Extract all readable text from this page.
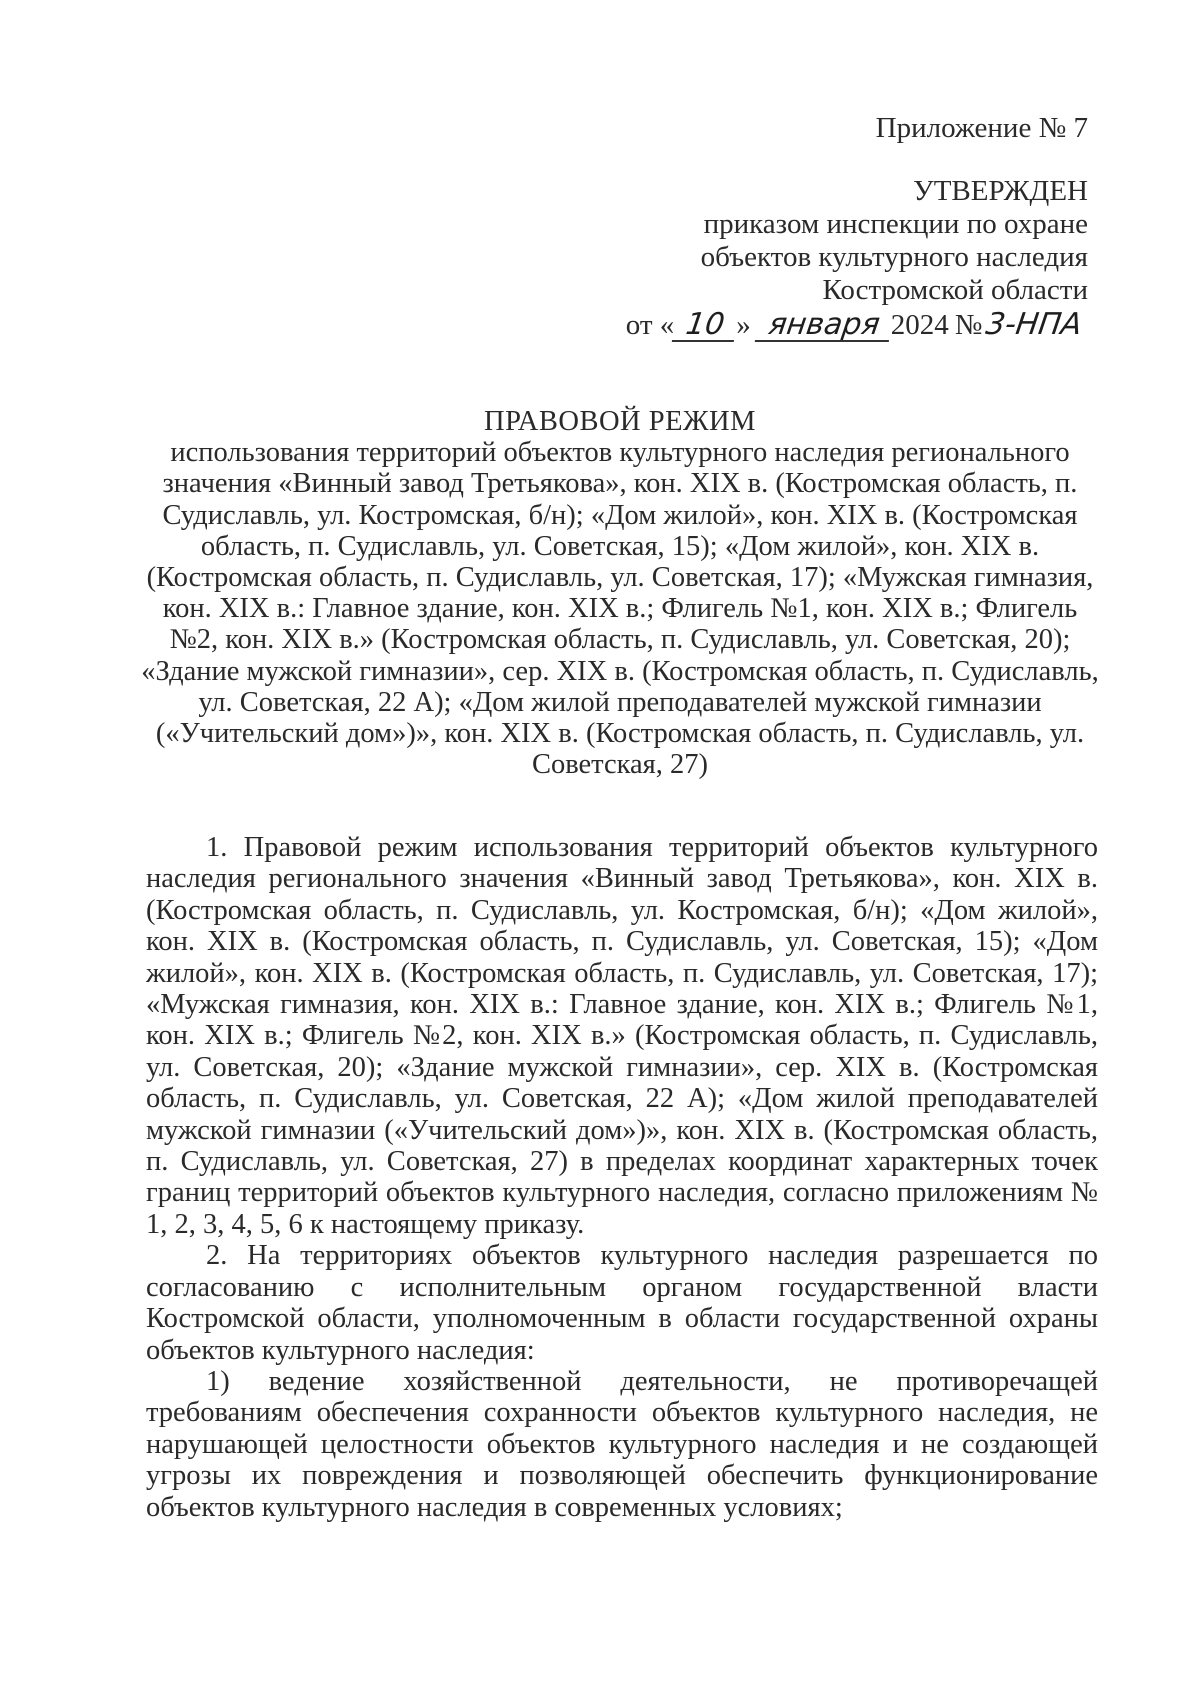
Приложение № 7
УТВЕРЖДЕН
приказом инспекции по охране
объектов культурного наследия
Костромской области
от « 10 » января 2024 № 3-НПА
ПРАВОВОЙ РЕЖИМ
использования территорий объектов культурного наследия регионального значения «Винный завод Третьякова», кон. XIX в. (Костромская область, п. Судиславль, ул. Костромская, б/н); «Дом жилой», кон. XIX в. (Костромская область, п. Судиславль, ул. Советская, 15); «Дом жилой», кон. XIX в. (Костромская область, п. Судиславль, ул. Советская, 17); «Мужская гимназия, кон. XIX в.: Главное здание, кон. XIX в.; Флигель №1, кон. XIX в.; Флигель №2, кон. XIX в.» (Костромская область, п. Судиславль, ул. Советская, 20); «Здание мужской гимназии», сер. XIX в. (Костромская область, п. Судиславль, ул. Советская, 22 А); «Дом жилой преподавателей мужской гимназии («Учительский дом»)», кон. XIX в. (Костромская область, п. Судиславль, ул. Советская, 27)

1. Правовой режим использования территорий объектов культурного наследия регионального значения «Винный завод Третьякова», кон. XIX в. (Костромская область, п. Судиславль, ул. Костромская, б/н); «Дом жилой», кон. XIX в. (Костромская область, п. Судиславль, ул. Советская, 15); «Дом жилой», кон. XIX в. (Костромская область, п. Судиславль, ул. Советская, 17); «Мужская гимназия, кон. XIX в.: Главное здание, кон. XIX в.; Флигель №1, кон. XIX в.; Флигель №2, кон. XIX в.» (Костромская область, п. Судиславль, ул. Советская, 20); «Здание мужской гимназии», сер. XIX в. (Костромская область, п. Судиславль, ул. Советская, 22 А); «Дом жилой преподавателей мужской гимназии («Учительский дом»)», кон. XIX в. (Костромская область, п. Судиславль, ул. Советская, 27) в пределах координат характерных точек границ территорий объектов культурного наследия, согласно приложениям № 1, 2, 3, 4, 5, 6 к настоящему приказу.

2. На территориях объектов культурного наследия разрешается по согласованию с исполнительным органом государственной власти Костромской области, уполномоченным в области государственной охраны объектов культурного наследия:

1) ведение хозяйственной деятельности, не противоречащей требованиям обеспечения сохранности объектов культурного наследия, не нарушающей целостности объектов культурного наследия и не создающей угрозы их повреждения и позволяющей обеспечить функционирование объектов культурного наследия в современных условиях;
